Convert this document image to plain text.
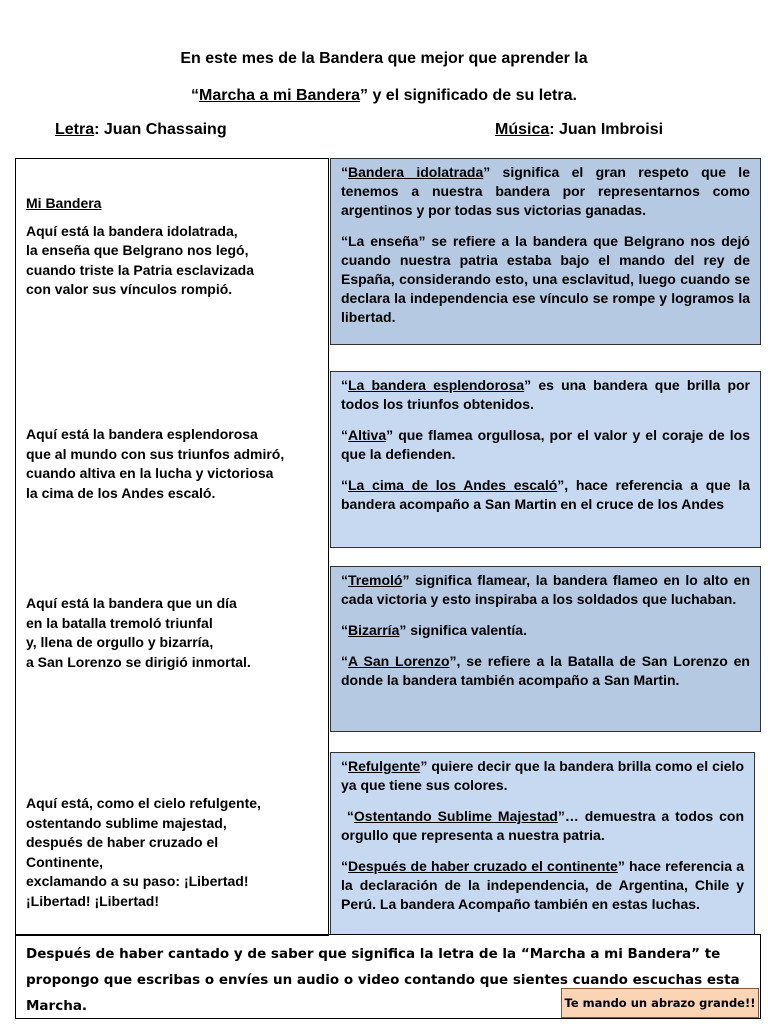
En este mes de la Bandera que mejor que aprender la
“Marcha a mi Bandera” y el significado de su letra.
Letra: Juan Chassaing	Música: Juan Imbroisi
Mi Bandera
Aquí está la bandera idolatrada,
la enseña que Belgrano nos legó,
cuando triste la Patria esclavizada
con valor sus vínculos rompió.
Aquí está la bandera esplendorosa
que al mundo con sus triunfos admiró,
cuando altiva en la lucha y victoriosa
la cima de los Andes escaló.
Aquí está la bandera que un día
en la batalla tremoló triunfal
y, llena de orgullo y bizarría,
a San Lorenzo se dirigió inmortal.
Aquí está, como el cielo refulgente,
ostentando sublime majestad,
después de haber cruzado el
Continente,
exclamando a su paso: ¡Libertad!
¡Libertad! ¡Libertad!

“Bandera idolatrada” significa el gran respeto que le tenemos a nuestra bandera por representarnos como argentinos y por todas sus victorias ganadas.

“La enseña” se refiere a la bandera que Belgrano nos dejó cuando nuestra patria estaba bajo el mando del rey de España, considerando esto, una esclavitud, luego cuando se declara la independencia ese vínculo se rompe y logramos la libertad.

“La bandera esplendorosa” es una bandera que brilla por todos los triunfos obtenidos.

“Altiva” que flamea orgullosa, por el valor y el coraje de los que la defienden.

“La cima de los Andes escaló”, hace referencia a que la bandera acompaño a San Martin en el cruce de los Andes

“Tremoló” significa flamear, la bandera flameo en lo alto en cada victoria y esto inspiraba a los soldados que luchaban.

“Bizarría” significa valentía.

“A San Lorenzo”, se refiere a la Batalla de San Lorenzo en donde la bandera también acompaño a San Martin.

“Refulgente” quiere decir que la bandera brilla como el cielo ya que tiene sus colores.

“Ostentando Sublime Majestad”… demuestra a todos con orgullo que representa a nuestra patria.

“Después de haber cruzado el continente” hace referencia a la declaración de la independencia, de Argentina, Chile y Perú. La bandera Acompaño también en estas luchas.

Después de haber cantado y de saber que significa la letra de la “Marcha a mi Bandera” te propongo que escribas o envíes un audio o video contando que sientes cuando escuchas esta Marcha.	Te mando un abrazo grande!!
